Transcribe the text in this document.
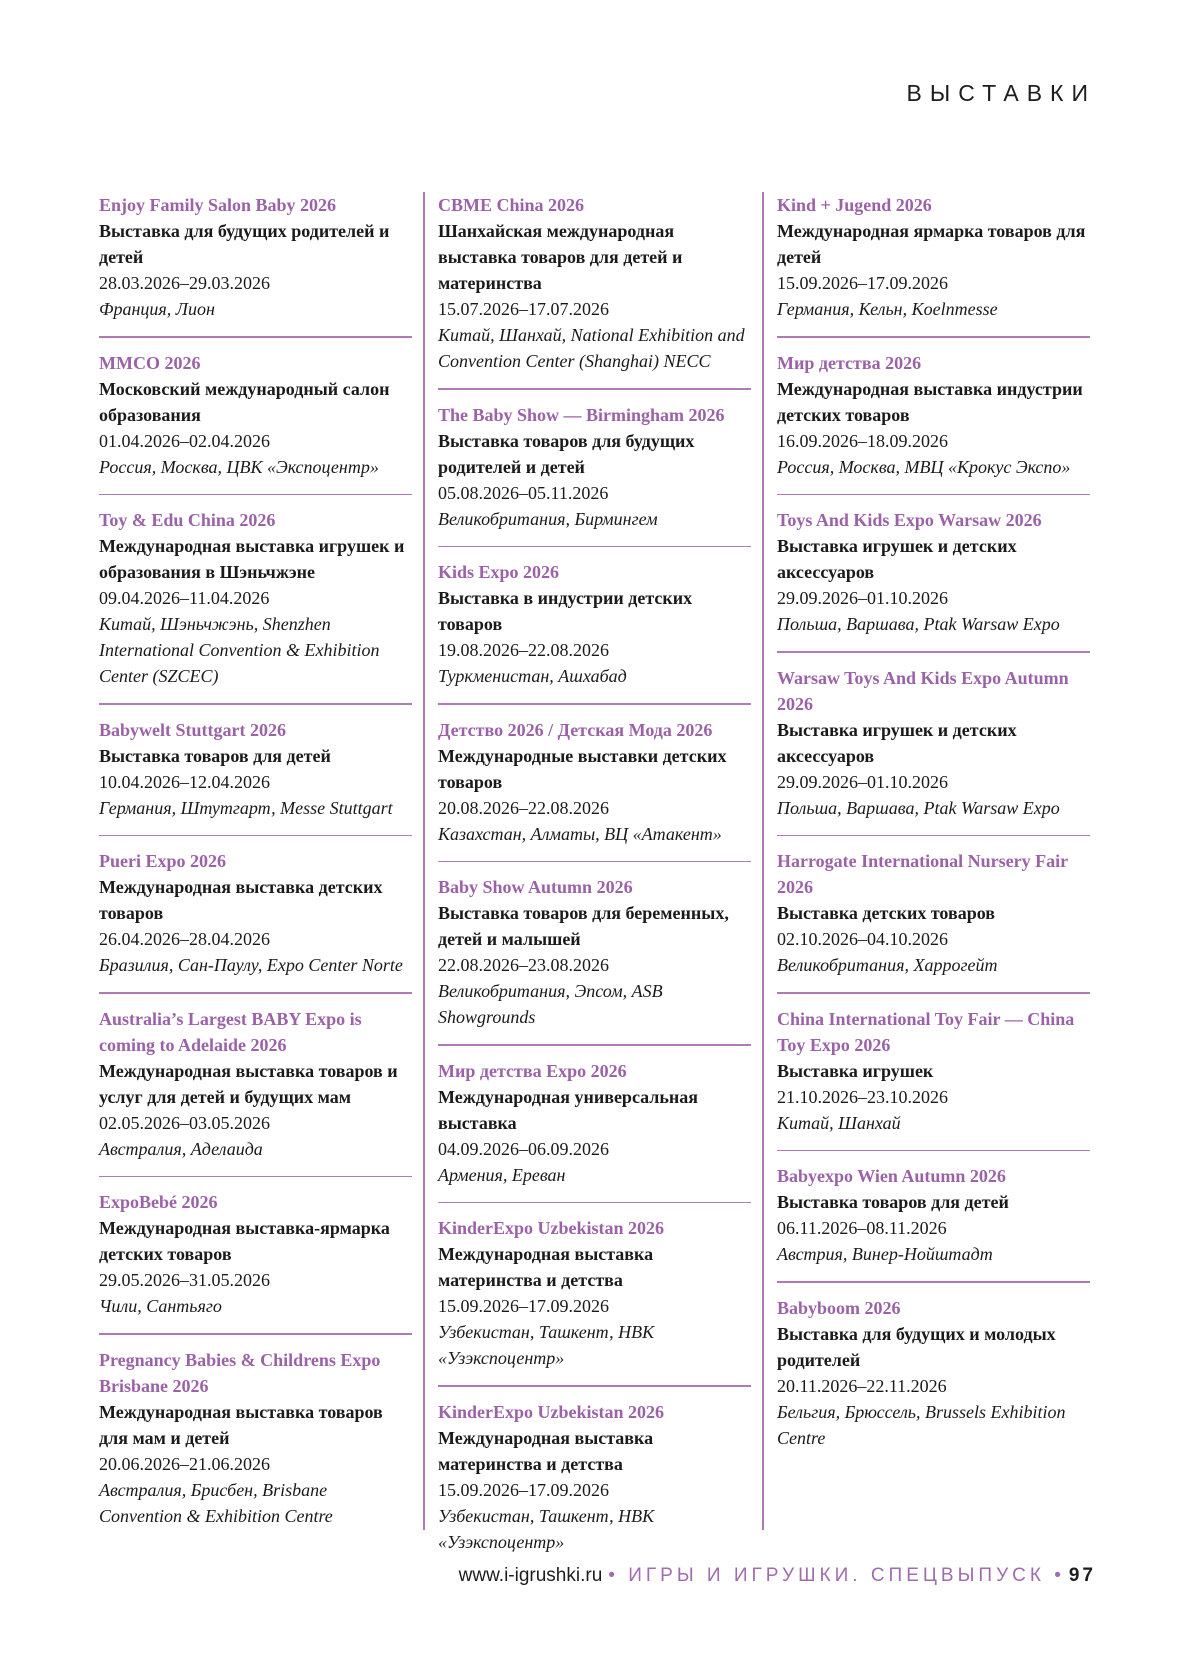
ВЫСТАВКИ
Enjoy Family Salon Baby 2026
Выставка для будущих родителей и детей
28.03.2026–29.03.2026
Франция, Лион
MMCO 2026
Московский международный салон образования
01.04.2026–02.04.2026
Россия, Москва, ЦВК «Экспоцентр»
Toy & Edu China 2026
Международная выставка игрушек и образования в Шэньчжэне
09.04.2026–11.04.2026
Китай, Шэньчжэнь, Shenzhen International Convention & Exhibition Center (SZCEC)
Babywelt Stuttgart 2026
Выставка товаров для детей
10.04.2026–12.04.2026
Германия, Штутгарт, Messe Stuttgart
Pueri Expo 2026
Международная выставка детских товаров
26.04.2026–28.04.2026
Бразилия, Сан-Паулу, Expo Center Norte
Australia’s Largest BABY Expo is coming to Adelaide 2026
Международная выставка товаров и услуг для детей и будущих мам
02.05.2026–03.05.2026
Австралия, Аделаида
ExpoBebé 2026
Международная выставка-ярмарка детских товаров
29.05.2026–31.05.2026
Чили, Сантьяго
Pregnancy Babies & Childrens Expo Brisbane 2026
Международная выставка товаров для мам и детей
20.06.2026–21.06.2026
Австралия, Брисбен, Brisbane Convention & Exhibition Centre
CBME China 2026
Шанхайская международная выставка товаров для детей и материнства
15.07.2026–17.07.2026
Китай, Шанхай, National Exhibition and Convention Center (Shanghai) NECC
The Baby Show — Birmingham 2026
Выставка товаров для будущих родителей и детей
05.08.2026–05.11.2026
Великобритания, Бирмингем
Kids Expo 2026
Выставка в индустрии детских товаров
19.08.2026–22.08.2026
Туркменистан, Ашхабад
Детство 2026 / Детская Мода 2026
Международные выставки детских товаров
20.08.2026–22.08.2026
Казахстан, Алматы, ВЦ «Атакент»
Baby Show Autumn 2026
Выставка товаров для беременных, детей и малышей
22.08.2026–23.08.2026
Великобритания, Эпсом, ASB Showgrounds
Мир детства Expo 2026
Международная универсальная выставка
04.09.2026–06.09.2026
Армения, Ереван
KinderExpo Uzbekistan 2026
Международная выставка материнства и детства
15.09.2026–17.09.2026
Узбекистан, Ташкент, НВК «Узэкспоцентр»
KinderExpo Uzbekistan 2026
Международная выставка материнства и детства
15.09.2026–17.09.2026
Узбекистан, Ташкент, НВК «Узэкспоцентр»
Kind + Jugend 2026
Международная ярмарка товаров для детей
15.09.2026–17.09.2026
Германия, Кельн, Koelnmesse
Мир детства 2026
Международная выставка индустрии детских товаров
16.09.2026–18.09.2026
Россия, Москва, МВЦ «Крокус Экспо»
Toys And Kids Expo Warsaw 2026
Выставка игрушек и детских аксессуаров
29.09.2026–01.10.2026
Польша, Варшава, Ptak Warsaw Expo
Warsaw Toys And Kids Expo Autumn 2026
Выставка игрушек и детских аксессуаров
29.09.2026–01.10.2026
Польша, Варшава, Ptak Warsaw Expo
Harrogate International Nursery Fair 2026
Выставка детских товаров
02.10.2026–04.10.2026
Великобритания, Харрогейт
China International Toy Fair — China Toy Expo 2026
Выставка игрушек
21.10.2026–23.10.2026
Китай, Шанхай
Babyexpo Wien Autumn 2026
Выставка товаров для детей
06.11.2026–08.11.2026
Австрия, Винер-Нойштадт
Babyboom 2026
Выставка для будущих и молодых родителей
20.11.2026–22.11.2026
Бельгия, Брюссель, Brussels Exhibition Centre
www.i-igrushki.ru • ИГРЫ И ИГРУШКИ. СПЕЦВЫПУСК • 97
